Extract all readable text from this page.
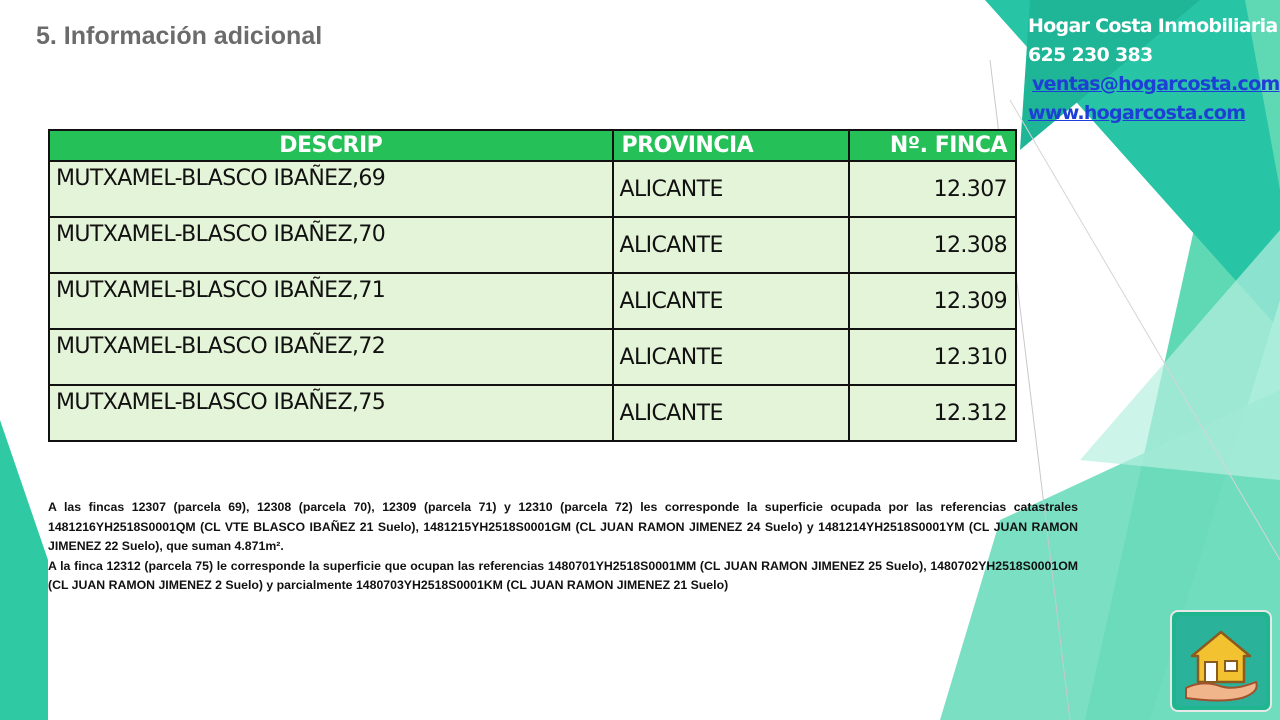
5. Información adicional	Hogar Costa Inmobiliaria
625 230 383
ventas@hogarcosta.com
www.hogarcosta.com
DESCRIP	PROVINCIA	Nº. FINCA
MUTXAMEL-BLASCO IBAÑEZ,69	ALICANTE	12.307
MUTXAMEL-BLASCO IBAÑEZ,70	ALICANTE	12.308
MUTXAMEL-BLASCO IBAÑEZ,71	ALICANTE	12.309
MUTXAMEL-BLASCO IBAÑEZ,72	ALICANTE	12.310
MUTXAMEL-BLASCO IBAÑEZ,75	ALICANTE	12.312

A las fincas 12307 (parcela 69), 12308 (parcela 70), 12309 (parcela 71) y 12310 (parcela 72) les corresponde la superficie ocupada por las referencias catastrales 1481216YH2518S0001QM (CL VTE BLASCO IBAÑEZ 21 Suelo), 1481215YH2518S0001GM (CL JUAN RAMON JIMENEZ 24 Suelo) y 1481214YH2518S0001YM (CL JUAN RAMON JIMENEZ 22 Suelo), que suman 4.871m².

A la finca 12312 (parcela 75) le corresponde la superficie que ocupan las referencias 1480701YH2518S0001MM (CL JUAN RAMON JIMENEZ 25 Suelo), 1480702YH2518S0001OM (CL JUAN RAMON JIMENEZ 2 Suelo) y parcialmente 1480703YH2518S0001KM (CL JUAN RAMON JIMENEZ 21 Suelo)
